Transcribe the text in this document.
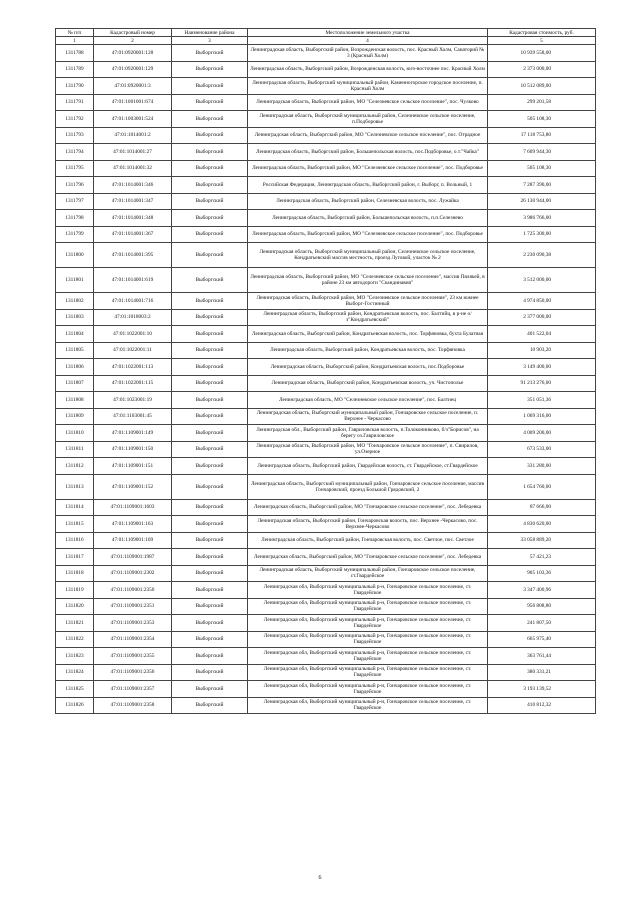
№ п/п	Кадастровый номер	Наименование района	Местоположение земельного участка	Кадастровая стоимость, руб.
1	2	3	4	5
1311788	47:01:0920001:128	Выборгский	Ленинградская область, Выборгский район, Возрожденская волость, пос. Красный Холм, Санаторий № 3 (Красный Холм)	10 939 558,00
1311789	47:01:0920001:129	Выборгский	Ленинградская область, Выборгский район, Возрожденская волость, юго-восточнее пос. Красный Холм	2 373 000,00
1311790	47:01:0920001:3	Выборгский	Ленинградская область, Выборгский муниципальный район, Каменногорское городское поселение, п. Красный Холм	10 512 089,00
1311791	47:01:1001001:674	Выборгский	Ленинградская область, Выборгский район, МО "Селезневское сельское поселение", пос. Чулково	299 201,58
1311792	47:01:1003001:524	Выборгский	Ленинградская область, Выборгский муниципальный район, Селезневское сельское поселение, п.Подборовье	505 108,30
1311793	47:01:1014001:2	Выборгский	Ленинградская область, Выборгский район, МО "Селезневское сельское поселение", пос. Отрадное	17 118 753,80
1311794	47:01:1014001:27	Выборгский	Ленинградская область, Выборгский район, Большепольская волость, пос.Подборовье, о.т."Чайка"	7 609 944,30
1311795	47:01:1014001:32	Выборгский	Ленинградская область, Выборгский район, МО "Селезневское сельское поселение", пос. Подборовье	505 108,30
1311796	47:01:1014001:346	Выборгский	Российская Федерация, Ленинградская область, Выборгский район, г. Выборг, п. Вольный, 1	7 287 390,00
1311797	47:01:1014001:347	Выборгский	Ленинградская область, Выборгский район, Селезневская волость, пос. Лужайка	26 130 944,00
1311798	47:01:1014001:348	Выборгский	Ленинградская область, Выборгский район, Большепольская волость, п.п.Селезнево	3 986 766,00
1311799	47:01:1014001:367	Выборгский	Ленинградская область, Выборгский район, МО "Селезневское сельское поселение", пос. Подборовье	1 725 300,00
1311800	47:01:1014001:395	Выборгский	Ленинградская область, Выборгский муниципальный район, Селезневское сельское поселение, Кондратьевский массив местность, проезд Луговой, участок № 2	2 230 090,38
1311801	47:01:1014001:619	Выборгский	Ленинградская область, Выборгский район, МО "Селезневское сельское поселение", массив Пялякей, в районе 23 км автодороги "Скандинавия"	3 512 000,00
1311802	47:01:1014001:716	Выборгский	Ленинградская область, Выборгский район, МО "Селезневское сельское поселение", 23 км южнее Выборг-Гостинный	4 974 850,00
1311803	47:01:1018003:2	Выборгский	Ленинградская область, Выборгский район, Кондратьевская волость, пос. Балтийц, в р-не о/з"Кондратьевский"	2 377 000,00
1311804	47:01:1022001:10	Выборгский	Ленинградская область, Выборгский район, Кондратьевская волость, пос. Торфяновка, бухта Булатная	401 522,04
1311805	47:01:1022001:11	Выборгский	Ленинградская область, Выборгский район, Кондратьевская волость, пос. Торфяновка	10 903,20
1311806	47:01:1022001:113	Выборгский	Ленинградская область, Выборгский район, Кондратьевская волость, пос.Подборовье	3 149 400,00
1311807	47:01:1022001:115	Выборгский	Ленинградская область, Выборгский район, Кондратьевская волость, уч. Чистополье	91 213 276,00
1311808	47:01:1023001:19	Выборгский	Ленинградская область, МО "Селезневское сельское поселение", пос. Балтиец	351 051,36
1311809	47:01:1103001:45	Выборгский	Ленинградская область, Выборгский муниципальный район, Гончаровское сельское поселение, п. Верхнее - Черкасово	1 069 316,00
1311810	47:01:1109001:149	Выборгский	Ленинградская обл., Выборгский район, Гавриловская волость, п.Толоконниково, б/з"Борисов", на берегу оз.Гавриловское	4 009 200,00
1311811	47:01:1109001:150	Выборгский	Ленинградская область, Выборгский район, МО "Гончаровское сельское поселение", п. Свирилов, ул.Озерное	673 533,00
1311812	47:01:1109001:151	Выборгский	Ленинградская область, Выборгский район, Гвардейская волость, ст. Гвардейское, ст.Гвардейское	331 280,00
1311813	47:01:1109001:152	Выборгский	Ленинградская область, Выборгский муниципальный район, Гончаровское сельское поселение, массив Гончаровский, проезд Большой Грядовский, 2	1 654 760,00
1311814	47:01:1109001:1603	Выборгский	Ленинградская область, Выборгский район, МО "Гончаровское сельское поселение", пос. Лебедевка	87 666,00
1311815	47:01:1109001:163	Выборгский	Ленинградская область, Выборгский район, Гончаровская волость, пос. Верхнее -Черкасово, пос. Верхнее-Черкасово	4 830 620,00
1311816	47:01:1109001:169	Выборгский	Ленинградская область, Выборгский район, Гончаровская волость, пос. Светлое, пос. Светлое	33 058 889,20
1311817	47:01:1109001:1987	Выборгский	Ленинградская область, Выборгский район, МО "Гончаровское сельское поселение", пос. Лебедевка	57 421,23
1311818	47:01:1109001:2302	Выборгский	Ленинградская область, Выборгский муниципальный район, Гончаровское сельское поселение, ст.Гвардейское	905 103,36
1311819	47:01:1109001:2350	Выборгский	Ленинградская обл, Выборгский муниципальный р-н, Гончаровское сельское поселение, ст. Гвардейское	3 347 400,96
1311820	47:01:1109001:2351	Выборгский	Ленинградская обл, Выборгский муниципальный р-н, Гончаровское сельское поселение, ст. Гвардейское	956 808,80
1311821	47:01:1109001:2353	Выборгский	Ленинградская обл, Выборгский муниципальный р-н, Гончаровское сельское поселение, ст. Гвардейское	241 807,50
1311822	47:01:1109001:2354	Выборгский	Ленинградская обл, Выборгский муниципальный р-н, Гончаровское сельское поселение, ст. Гвардейское	665 975,40
1311823	47:01:1109001:2355	Выборгский	Ленинградская обл, Выборгский муниципальный р-н, Гончаровское сельское поселение, ст. Гвардейское	363 761,44
1311824	47:01:1109001:2356	Выборгский	Ленинградская обл, Выборгский муниципальный р-н, Гончаровское сельское поселение, ст. Гвардейское	380 331,21
1311825	47:01:1109001:2357	Выборгский	Ленинградская обл, Выборгский муниципальный р-н, Гончаровское сельское поселение, ст. Гвардейское	3 193 139,52
1311826	47:01:1109001:2358	Выборгский	Ленинградская обл, Выборгский муниципальный р-н, Гончаровское сельское поселение, ст. Гвардейское	410 812,32
6
